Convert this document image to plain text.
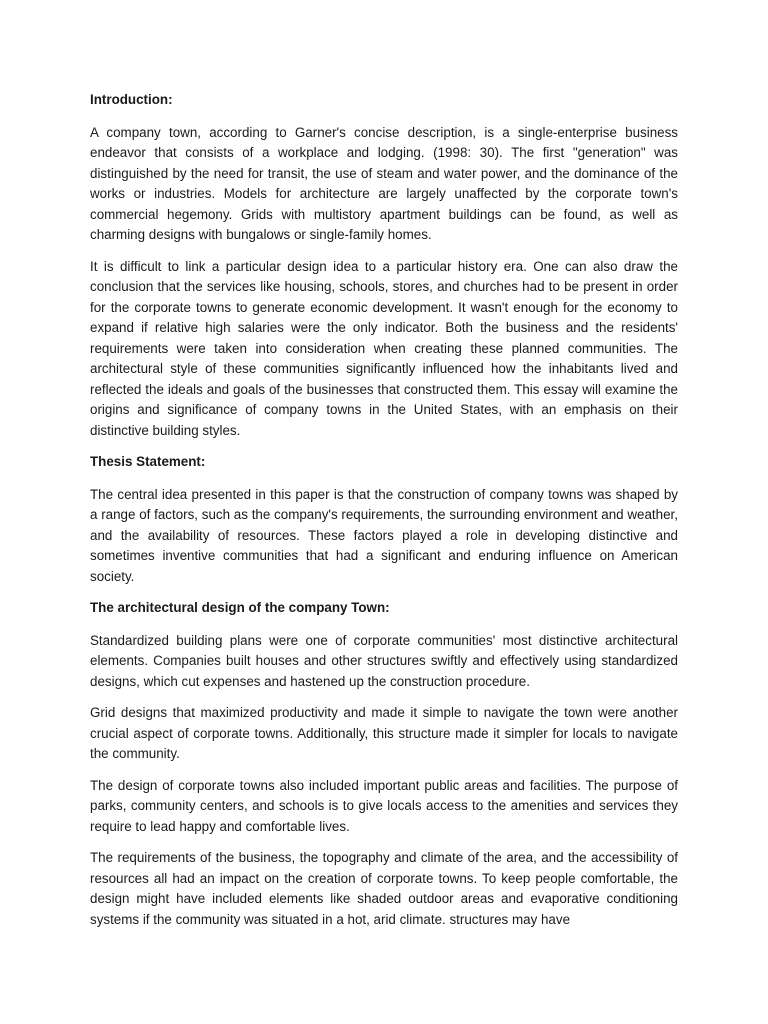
Introduction:

A company town, according to Garner's concise description, is a single-enterprise business endeavor that consists of a workplace and lodging. (1998: 30). The first "generation" was distinguished by the need for transit, the use of steam and water power, and the dominance of the works or industries. Models for architecture are largely unaffected by the corporate town's commercial hegemony. Grids with multistory apartment buildings can be found, as well as charming designs with bungalows or single-family homes.

It is difficult to link a particular design idea to a particular history era. One can also draw the conclusion that the services like housing, schools, stores, and churches had to be present in order for the corporate towns to generate economic development. It wasn't enough for the economy to expand if relative high salaries were the only indicator. Both the business and the residents' requirements were taken into consideration when creating these planned communities. The architectural style of these communities significantly influenced how the inhabitants lived and reflected the ideals and goals of the businesses that constructed them. This essay will examine the origins and significance of company towns in the United States, with an emphasis on their distinctive building styles.

Thesis Statement:

The central idea presented in this paper is that the construction of company towns was shaped by a range of factors, such as the company's requirements, the surrounding environment and weather, and the availability of resources. These factors played a role in developing distinctive and sometimes inventive communities that had a significant and enduring influence on American society.

The architectural design of the company Town:

Standardized building plans were one of corporate communities' most distinctive architectural elements. Companies built houses and other structures swiftly and effectively using standardized designs, which cut expenses and hastened up the construction procedure.

Grid designs that maximized productivity and made it simple to navigate the town were another crucial aspect of corporate towns. Additionally, this structure made it simpler for locals to navigate the community.

The design of corporate towns also included important public areas and facilities. The purpose of parks, community centers, and schools is to give locals access to the amenities and services they require to lead happy and comfortable lives.

The requirements of the business, the topography and climate of the area, and the accessibility of resources all had an impact on the creation of corporate towns. To keep people comfortable, the design might have included elements like shaded outdoor areas and evaporative conditioning systems if the community was situated in a hot, arid climate. structures may have
